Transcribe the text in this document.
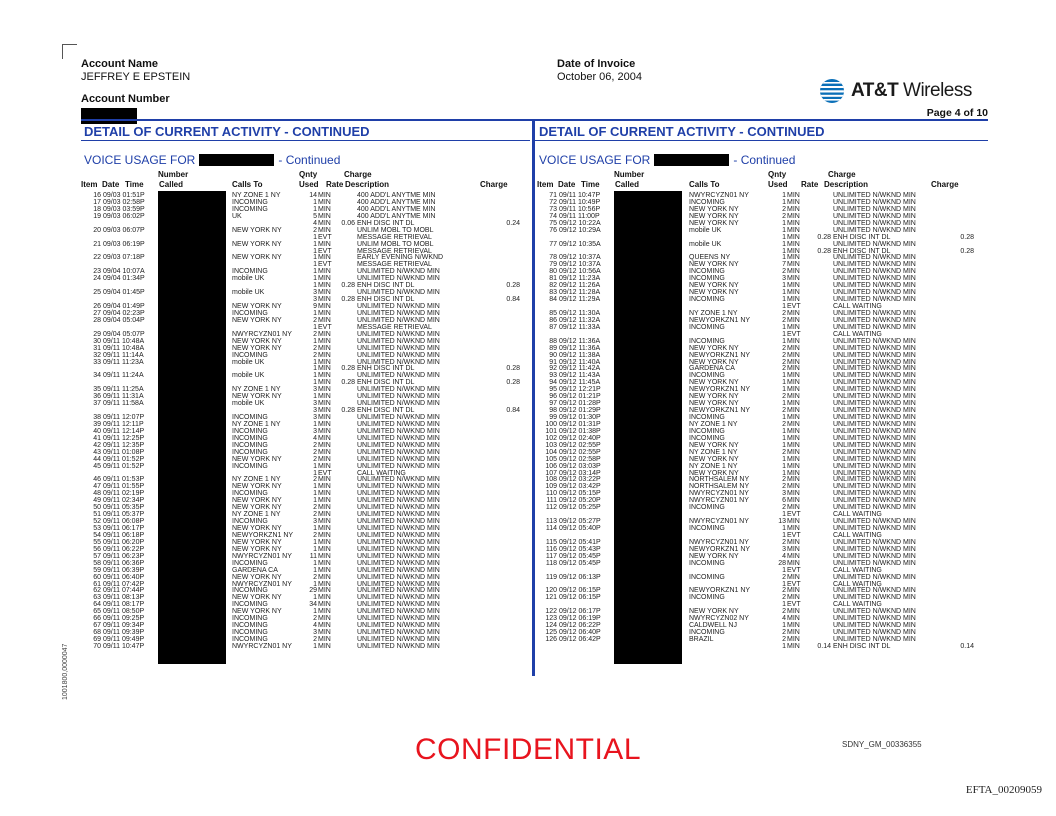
Account Name
JEFFREY E EPSTEIN
Account Number
Date of Invoice
October 06, 2004
AT&T Wireless
Page 4 of 10
DETAIL OF CURRENT ACTIVITY - CONTINUED
VOICE USAGE FOR	- Continued
Number	Qnty	Charge
Item Date Time Called	Calls To	Used Rate Description	Charge
16 09/03 01:51P	NY ZONE 1 NY	14 MIN	400 ADD'L ANYTME MIN
17 09/03 02:58P	INCOMING	1 MIN	400 ADD'L ANYTME MIN
18 09/03 03:59P	INCOMING	1 MIN	400 ADD'L ANYTME MIN
19 09/03 06:02P	UK	5 MIN	400 ADD'L ANYTME MIN
4 MIN 0.06 ENH DISC INT DL	0.24
20 09/03 06:07P	NEW YORK NY	2 MIN	UNLIM MOBL TO MOBL
1 EVT	MESSAGE RETRIEVAL
21 09/03 06:19P	NEW YORK NY	1 MIN	UNLIM MOBL TO MOBL
1 EVT	MESSAGE RETRIEVAL
22 09/03 07:18P	NEW YORK NY	1 MIN	EARLY EVENING N/WKND
1 EVT	MESSAGE RETRIEVAL
23 09/04 10:07A	INCOMING	1 MIN	UNLIMITED N/WKND MIN
24 09/04 01:34P	mobile UK	1 MIN	UNLIMITED N/WKND MIN
1 MIN 0.28 ENH DISC INT DL	0.28
25 09/04 01:45P	mobile UK	3 MIN	UNLIMITED N/WKND MIN
3 MIN 0.28 ENH DISC INT DL	0.84
26 09/04 01:49P	NEW YORK NY	9 MIN	UNLIMITED N/WKND MIN
27 09/04 02:23P	INCOMING	1 MIN	UNLIMITED N/WKND MIN
28 09/04 05:04P	NEW YORK NY	2 MIN	UNLIMITED N/WKND MIN
1 EVT	MESSAGE RETRIEVAL
29 09/04 05:07P	NWYRCYZN01 NY	2 MIN	UNLIMITED N/WKND MIN
30 09/11 10:48A	NEW YORK NY	1 MIN	UNLIMITED N/WKND MIN
31 09/11 10:48A	NEW YORK NY	2 MIN	UNLIMITED N/WKND MIN
32 09/11 11:14A	INCOMING	2 MIN	UNLIMITED N/WKND MIN
33 09/11 11:23A	mobile UK	1 MIN	UNLIMITED N/WKND MIN
1 MIN 0.28 ENH DISC INT DL	0.28
34 09/11 11:24A	mobile UK	1 MIN	UNLIMITED N/WKND MIN
1 MIN 0.28 ENH DISC INT DL	0.28
35 09/11 11:25A	NY ZONE 1 NY	3 MIN	UNLIMITED N/WKND MIN
36 09/11 11:31A	NEW YORK NY	1 MIN	UNLIMITED N/WKND MIN
37 09/11 11:58A	mobile UK	3 MIN	UNLIMITED N/WKND MIN
3 MIN 0.28 ENH DISC INT DL	0.84
38 09/11 12:07P	INCOMING	3 MIN	UNLIMITED N/WKND MIN
39 09/11 12:11P	NY ZONE 1 NY	1 MIN	UNLIMITED N/WKND MIN
40 09/11 12:14P	INCOMING	3 MIN	UNLIMITED N/WKND MIN
41 09/11 12:25P	INCOMING	4 MIN	UNLIMITED N/WKND MIN
42 09/11 12:35P	INCOMING	2 MIN	UNLIMITED N/WKND MIN
43 09/11 01:08P	INCOMING	2 MIN	UNLIMITED N/WKND MIN
44 09/11 01:52P	NEW YORK NY	2 MIN	UNLIMITED N/WKND MIN
45 09/11 01:52P	INCOMING	1 MIN	UNLIMITED N/WKND MIN
1 EVT	CALL WAITING
46 09/11 01:53P	NY ZONE 1 NY	2 MIN	UNLIMITED N/WKND MIN
47 09/11 01:55P	NEW YORK NY	1 MIN	UNLIMITED N/WKND MIN
48 09/11 02:19P	INCOMING	1 MIN	UNLIMITED N/WKND MIN
49 09/11 02:34P	NEW YORK NY	1 MIN	UNLIMITED N/WKND MIN
50 09/11 05:35P	NEW YORK NY	2 MIN	UNLIMITED N/WKND MIN
51 09/11 05:37P	NY ZONE 1 NY	2 MIN	UNLIMITED N/WKND MIN
52 09/11 06:08P	INCOMING	3 MIN	UNLIMITED N/WKND MIN
53 09/11 06:17P	NEW YORK NY	1 MIN	UNLIMITED N/WKND MIN
54 09/11 06:18P	NEWYORKZN1 NY	2 MIN	UNLIMITED N/WKND MIN
55 09/11 06:20P	NEW YORK NY	1 MIN	UNLIMITED N/WKND MIN
56 09/11 06:22P	NEW YORK NY	1 MIN	UNLIMITED N/WKND MIN
57 09/11 06:23P	NWYRCYZN01 NY	11 MIN	UNLIMITED N/WKND MIN
58 09/11 06:36P	INCOMING	1 MIN	UNLIMITED N/WKND MIN
59 09/11 06:39P	GARDENA CA	1 MIN	UNLIMITED N/WKND MIN
60 09/11 06:40P	NEW YORK NY	2 MIN	UNLIMITED N/WKND MIN
61 09/11 07:42P	NWYRCYZN01 NY	1 MIN	UNLIMITED N/WKND MIN
62 09/11 07:44P	INCOMING	29 MIN	UNLIMITED N/WKND MIN
63 09/11 08:13P	NEW YORK NY	1 MIN	UNLIMITED N/WKND MIN
64 09/11 08:17P	INCOMING	34 MIN	UNLIMITED N/WKND MIN
65 09/11 08:50P	NEW YORK NY	1 MIN	UNLIMITED N/WKND MIN
66 09/11 09:25P	INCOMING	2 MIN	UNLIMITED N/WKND MIN
67 09/11 09:34P	INCOMING	4 MIN	UNLIMITED N/WKND MIN
68 09/11 09:39P	INCOMING	3 MIN	UNLIMITED N/WKND MIN
69 09/11 09:49P	INCOMING	2 MIN	UNLIMITED N/WKND MIN
70 09/11 10:47P	NWYRCYZN01 NY	1 MIN	UNLIMITED N/WKND MIN
DETAIL OF CURRENT ACTIVITY - CONTINUED
VOICE USAGE FOR	- Continued
Number	Qnty	Charge
Item Date Time Called	Calls To	Used Rate Description	Charge
71 09/11 10:47P	NWYRCYZN01 NY	1 MIN	UNLIMITED N/WKND MIN
72 09/11 10:49P	INCOMING	1 MIN	UNLIMITED N/WKND MIN
73 09/11 10:56P	NEW YORK NY	2 MIN	UNLIMITED N/WKND MIN
74 09/11 11:00P	NEW YORK NY	2 MIN	UNLIMITED N/WKND MIN
75 09/12 10:22A	NEW YORK NY	1 MIN	UNLIMITED N/WKND MIN
76 09/12 10:29A	mobile UK	1 MIN	UNLIMITED N/WKND MIN
1 MIN	0.28 ENH DISC INT DL	0.28
77 09/12 10:35A	mobile UK	1 MIN	UNLIMITED N/WKND MIN
1 MIN	0.28 ENH DISC INT DL	0.28
78 09/12 10:37A	QUEENS NY	1 MIN	UNLIMITED N/WKND MIN
79 09/12 10:37A	NEW YORK NY	7 MIN	UNLIMITED N/WKND MIN
80 09/12 10:56A	INCOMING	2 MIN	UNLIMITED N/WKND MIN
81 09/12 11:23A	INCOMING	3 MIN	UNLIMITED N/WKND MIN
82 09/12 11:26A	NEW YORK NY	1 MIN	UNLIMITED N/WKND MIN
83 09/12 11:28A	NEW YORK NY	1 MIN	UNLIMITED N/WKND MIN
84 09/12 11:29A	INCOMING	1 MIN	UNLIMITED N/WKND MIN
1 EVT	CALL WAITING
85 09/12 11:30A	NY ZONE 1 NY	2 MIN	UNLIMITED N/WKND MIN
86 09/12 11:32A	NEWYORKZN1 NY	2 MIN	UNLIMITED N/WKND MIN
87 09/12 11:33A	INCOMING	1 MIN	UNLIMITED N/WKND MIN
1 EVT	CALL WAITING
88 09/12 11:36A	INCOMING	1 MIN	UNLIMITED N/WKND MIN
89 09/12 11:36A	NEW YORK NY	2 MIN	UNLIMITED N/WKND MIN
90 09/12 11:38A	NEWYORKZN1 NY	2 MIN	UNLIMITED N/WKND MIN
91 09/12 11:40A	NEW YORK NY	2 MIN	UNLIMITED N/WKND MIN
92 09/12 11:42A	GARDENA CA	2 MIN	UNLIMITED N/WKND MIN
93 09/12 11:43A	INCOMING	1 MIN	UNLIMITED N/WKND MIN
94 09/12 11:45A	NEW YORK NY	1 MIN	UNLIMITED N/WKND MIN
95 09/12 12:21P	NEWYORKZN1 NY	1 MIN	UNLIMITED N/WKND MIN
96 09/12 01:21P	NEW YORK NY	2 MIN	UNLIMITED N/WKND MIN
97 09/12 01:28P	NEW YORK NY	1 MIN	UNLIMITED N/WKND MIN
98 09/12 01:29P	NEWYORKZN1 NY	2 MIN	UNLIMITED N/WKND MIN
99 09/12 01:30P	INCOMING	1 MIN	UNLIMITED N/WKND MIN
100 09/12 01:31P	NY ZONE 1 NY	2 MIN	UNLIMITED N/WKND MIN
101 09/12 01:38P	INCOMING	1 MIN	UNLIMITED N/WKND MIN
102 09/12 02:40P	INCOMING	1 MIN	UNLIMITED N/WKND MIN
103 09/12 02:55P	NEW YORK NY	1 MIN	UNLIMITED N/WKND MIN
104 09/12 02:55P	NY ZONE 1 NY	2 MIN	UNLIMITED N/WKND MIN
105 09/12 02:58P	NEW YORK NY	1 MIN	UNLIMITED N/WKND MIN
106 09/12 03:03P	NY ZONE 1 NY	1 MIN	UNLIMITED N/WKND MIN
107 09/12 03:14P	NEW YORK NY	1 MIN	UNLIMITED N/WKND MIN
108 09/12 03:22P	NORTHSALEM NY	2 MIN	UNLIMITED N/WKND MIN
109 09/12 03:42P	NORTHSALEM NY	2 MIN	UNLIMITED N/WKND MIN
110 09/12 05:15P	NWYRCYZN01 NY	3 MIN	UNLIMITED N/WKND MIN
111 09/12 05:20P	NWYRCYZN01 NY	6 MIN	UNLIMITED N/WKND MIN
112 09/12 05:25P	INCOMING	2 MIN	UNLIMITED N/WKND MIN
1 EVT	CALL WAITING
113 09/12 05:27P	NWYRCYZN01 NY	13 MIN	UNLIMITED N/WKND MIN
114 09/12 05:40P	INCOMING	1 MIN	UNLIMITED N/WKND MIN
1 EVT	CALL WAITING
115 09/12 05:41P	NWYRCYZN01 NY	2 MIN	UNLIMITED N/WKND MIN
116 09/12 05:43P	NEWYORKZN1 NY	3 MIN	UNLIMITED N/WKND MIN
117 09/12 05:45P	NEW YORK NY	4 MIN	UNLIMITED N/WKND MIN
118 09/12 05:45P	INCOMING	28 MIN	UNLIMITED N/WKND MIN
1 EVT	CALL WAITING
119 09/12 06:13P	INCOMING	2 MIN	UNLIMITED N/WKND MIN
1 EVT	CALL WAITING
120 09/12 06:15P	NEWYORKZN1 NY	2 MIN	UNLIMITED N/WKND MIN
121 09/12 06:15P	INCOMING	2 MIN	UNLIMITED N/WKND MIN
1 EVT	CALL WAITING
122 09/12 06:17P	NEW YORK NY	2 MIN	UNLIMITED N/WKND MIN
123 09/12 06:19P	NWYRCYZN02 NY	4 MIN	UNLIMITED N/WKND MIN
124 09/12 06:22P	CALDWELL NJ	1 MIN	UNLIMITED N/WKND MIN
125 09/12 06:40P	INCOMING	2 MIN	UNLIMITED N/WKND MIN
126 09/12 06:42P	BRAZIL	2 MIN	UNLIMITED N/WKND MIN
1 MIN	0.14 ENH DISC INT DL	0.14
1001800,0000047
CONFIDENTIAL	SDNY_GM_00336355
EFTA_00209059
